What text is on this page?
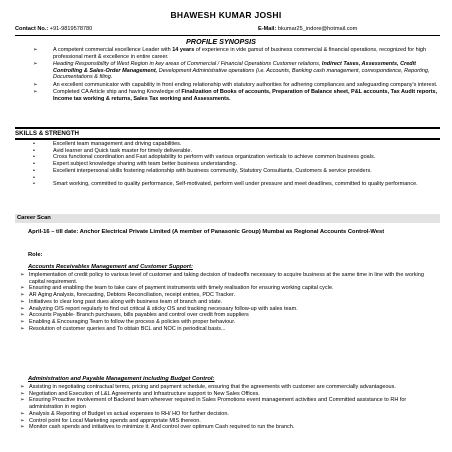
BHAWESH KUMAR JOSHI
Contact No.: +91-9819578780	E-Mail: bkumar25_indore@hotmail.com
PROFILE SYNOPSIS
➢	A competent commercial excellence Leader with 14 years of experience in vide gamut of business commercial & financial operations, recognized for high professional merit & excellence in entire career.
➢	Heading Responsibility of West Region in key areas of Commercial / Financial Operations Customer relations, Indirect Taxes, Assessments, Credit Controlling & Sales-Order Management, Development Administrative operations (i.e. Accounts, Banking cash management, correspondence, Reporting, Documentations & filing.
➢	An excellent communicator with capability in front ending relationship with statutory authorities for adhering compliances and safeguarding company's interest.
➢	Completed CA Article ship and having Knowledge of Finalization of Books of accounts, Preparation of Balance sheet, P&L accounts, Tax Audit reports, Income tax working & returns, Sales Tax working and Assessments.
SKILLS & STRENGTH
•	Excellent team management and driving capabilities.
•	Avid learner and Quick task master for timely deliverable.
•	Cross functional coordination and Fast adoptability to perform with various organization verticals to achieve common business goals.
•	Expert subject knowledge sharing with team better business understanding.
•	Excellent interpersonal skills fostering relationship with business community, Statutory Consultants, Customers & service providers.
•
•	Smart working, committed to quality performance, Self-motivated, perform well under pressure and meet deadlines, committed to quality performance.
Career Scan
April-16 – till date: Anchor Electrical Private Limited (A member of Panasonic Group) Mumbai as Regional Accounts Control-West
Role:
Accounts Receivables Management and Customer Support:
➢ Implementation of credit policy to various level of customer and taking decision of tradeoffs necessary to acquire business at the same time in line with the working capital requirement.
➢ Ensuring and enabling the team to take care of payment instruments with timely realisation for ensuring working capital cycle.
➢ AR Aging Analysis, forecasting, Debtors Reconciliation, receipt entries, PDC Tracker.
➢ Initiatives to clear long past dues along with business team of branch and state.
➢ Analyzing O/S report regularly to find out critical & sticky OS and tracking necessary follow-up with sales team.
➢ Accounts Payable- Branch purchases, bills payables and control over credit from suppliers
➢ Enabling & Encouraging Team to follow the process & policies with proper behaviour.
➢ Resolution of customer queries and To obtain BCL and NOC in periodical basis...
Administration and Payable Management including Budget Control:
➢ Assisting in negotiating contractual terms, pricing and payment schedule, ensuring that the agreements with customer are commercially advantageous.
➢ Negotiation and Execution of L&L Agreements and Infrastructure support to New Sales Offices.
➢ Ensuring Proactive involvement of Backend team wherever required in Sales Promotions event management activities and Committed assistance to RH for administration in region
➢ Analysis & Reporting of Budget vs actual expenses to RH/ HO for further decision.
➢ Control point for Local Marketing spends and appropriate MIS thereon.
➢ Monitor cash spends and initiatives to minimize it. And control over optimum Cash required to run the branch.
